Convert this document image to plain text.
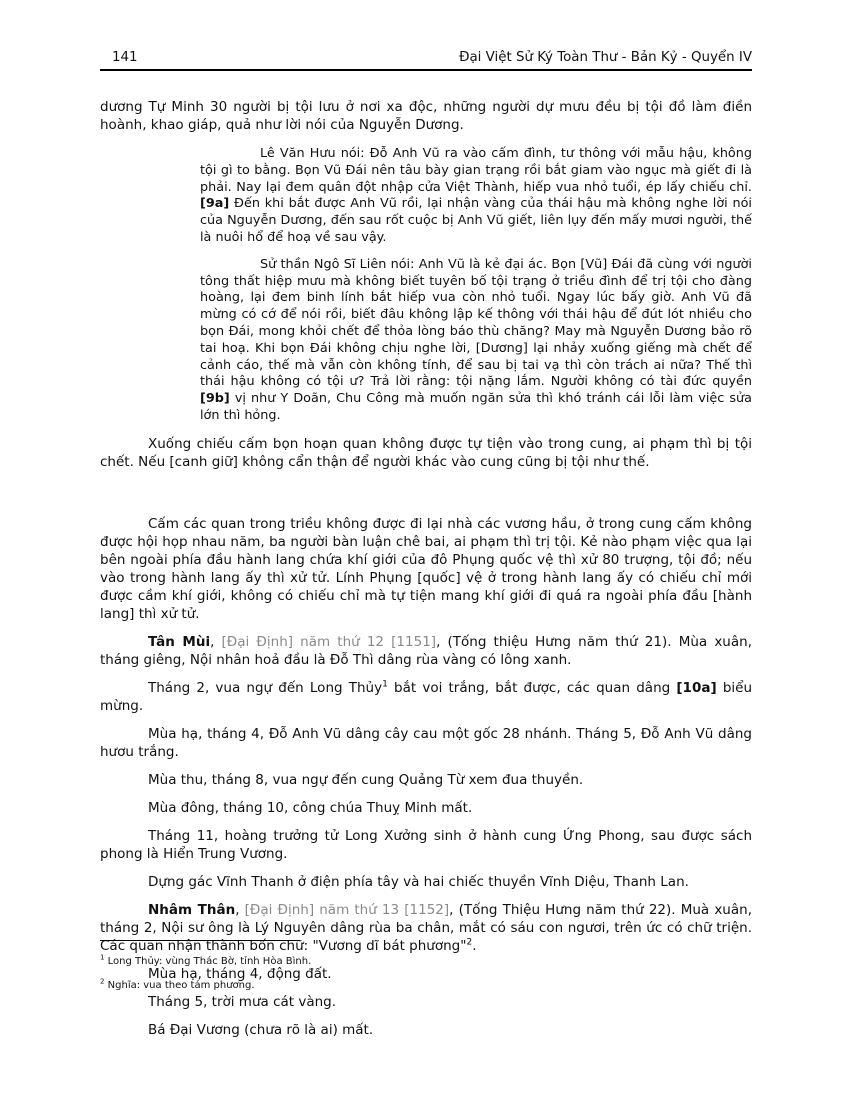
141	Đại Việt Sử Ký Toàn Thư - Bản Kỷ - Quyển IV

dương Tự Minh 30 người bị tội lưu ở nơi xa độc, những người dự mưu đều bị tội đồ làm điền hoành, khao giáp, quả như lời nói của Nguyễn Dương.

Lê Văn Hưu nói: Đỗ Anh Vũ ra vào cấm đình, tư thông với mẫu hậu, không tội gì to bằng. Bọn Vũ Đái nên tâu bày gian trạng rồi bắt giam vào ngục mà giết đi là phải. Nay lại đem quân đột nhập cửa Việt Thành, hiếp vua nhỏ tuổi, ép lấy chiếu chỉ. [9a] Đến khi bắt được Anh Vũ rồi, lại nhận vàng của thái hậu mà không nghe lời nói của Nguyễn Dương, đến sau rốt cuộc bị Anh Vũ giết, liên lụy đến mấy mươi người, thế là nuôi hổ để hoạ về sau vậy.

Sử thần Ngô Sĩ Liên nói: Anh Vũ là kẻ đại ác. Bọn [Vũ] Đái đã cùng với người tông thất hiệp mưu mà không biết tuyên bố tội trạng ở triều đình để trị tội cho đàng hoàng, lại đem binh lính bắt hiếp vua còn nhỏ tuổi. Ngay lúc bấy giờ. Anh Vũ đã mừng có cớ để nói rồi, biết đâu không lập kế thông với thái hậu để đút lót nhiều cho bọn Đái, mong khỏi chết để thỏa lòng báo thù chăng? May mà Nguyễn Dương bảo rõ tai hoạ. Khi bọn Đái không chịu nghe lời, [Dương] lại nhảy xuống giếng mà chết để cảnh cáo, thế mà vẫn còn không tính, để sau bị tai vạ thì còn trách ai nữa? Thế thì thái hậu không có tội ư? Trả lời rằng: tội nặng lắm. Người không có tài đức quyền [9b] vị như Y Doãn, Chu Công mà muốn ngăn sửa thì khó tránh cái lỗi làm việc sửa lớn thì hỏng.

Xuống chiếu cấm bọn hoạn quan không được tự tiện vào trong cung, ai phạm thì bị tội chết. Nếu [canh giữ] không cẩn thận để người khác vào cung cũng bị tội như thế.

Cấm các quan trong triều không được đi lại nhà các vương hầu, ở trong cung cấm không được hội họp nhau năm, ba người bàn luận chê bai, ai phạm thì trị tội. Kẻ nào phạm việc qua lại bên ngoài phía đầu hành lang chứa khí giới của đô Phụng quốc vệ thì xử 80 trượng, tội đồ; nếu vào trong hành lang ấy thì xử tử. Lính Phụng [quốc] vệ ở trong hành lang ấy có chiếu chỉ mới được cầm khí giới, không có chiếu chỉ mà tự tiện mang khí giới đi quá ra ngoài phía đầu [hành lang] thì xử tử.

Tân Mùi, [Đại Định] năm thứ 12 [1151], (Tống thiệu Hưng năm thứ 21). Mùa xuân, tháng giêng, Nội nhân hoả đầu là Đỗ Thì dâng rùa vàng có lông xanh.

Tháng 2, vua ngự đến Long Thủy$^1$ bắt voi trắng, bắt được, các quan dâng [10a] biểu mừng.

Mùa hạ, tháng 4, Đỗ Anh Vũ dâng cây cau một gốc 28 nhánh. Tháng 5, Đỗ Anh Vũ dâng hươu trắng.

Mùa thu, tháng 8, vua ngự đến cung Quảng Từ xem đua thuyền.

Mùa đông, tháng 10, công chúa Thuỵ Minh mất.

Tháng 11, hoàng trưởng tử Long Xưởng sinh ở hành cung Ứng Phong, sau được sách phong là Hiển Trung Vương.

Dựng gác Vĩnh Thanh ở điện phía tây và hai chiếc thuyền Vĩnh Diệu, Thanh Lan.

Nhâm Thân, [Đại Định] năm thứ 13 [1152], (Tống Thiệu Hưng năm thứ 22). Muà xuân, tháng 2, Nội sư ông là Lý Nguyên dâng rùa ba chân, mắt có sáu con ngươi, trên ức có chữ triện. Các quan nhận thành bốn chữ: "Vương dĩ bát phương"$^2$.

Mùa hạ, tháng 4, động đất.

Tháng 5, trời mưa cát vàng.

Bá Đại Vương (chưa rõ là ai) mất.

$^1$ Long Thủy: vùng Thác Bờ, tỉnh Hòa Bình.
$^2$ Nghĩa: vua theo tám phương.
